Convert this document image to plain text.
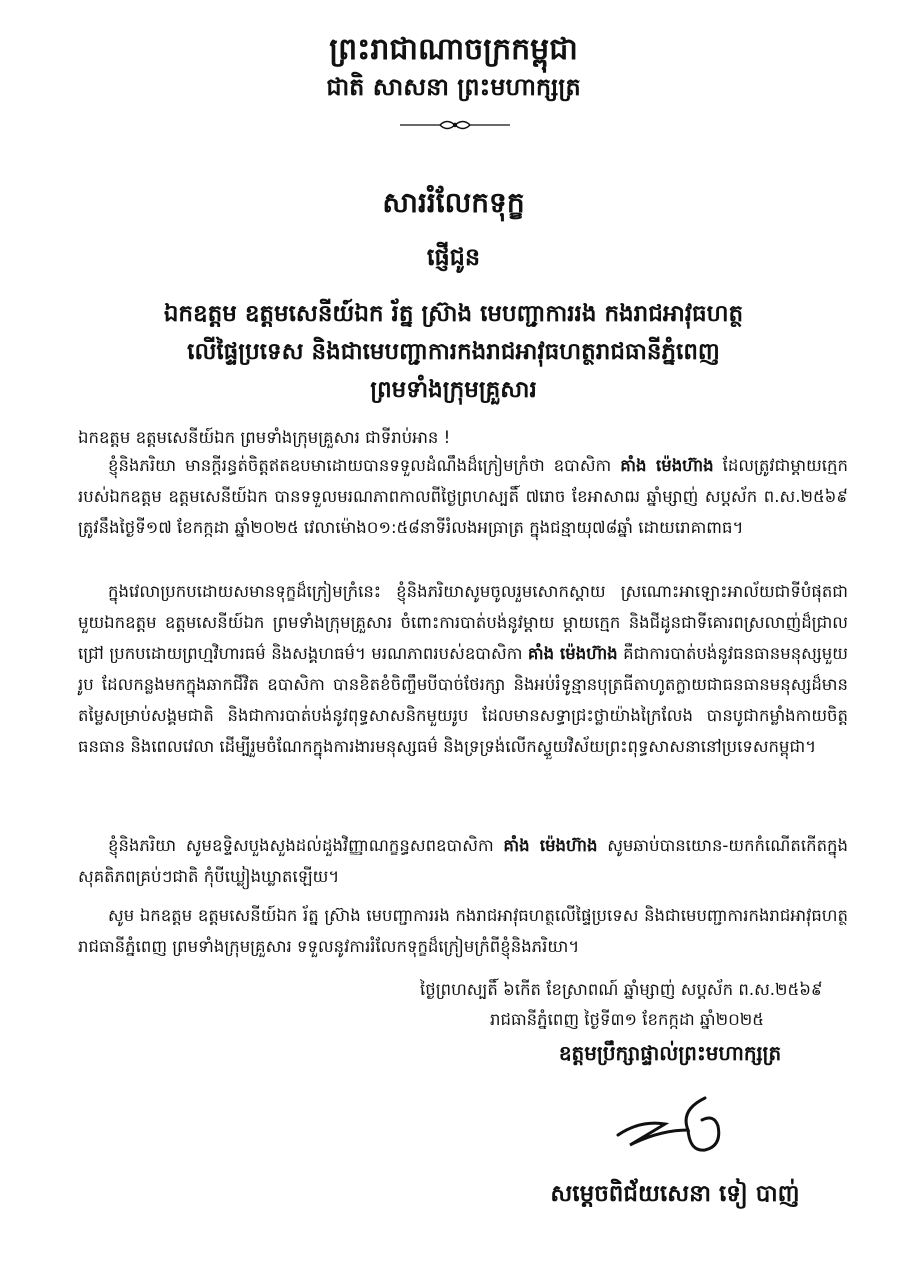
ព្រះរាជាណាចក្រកម្ពុជា
ជាតិ សាសនា ព្រះមហាក្សត្រ
សាររំលែកទុក្ខ
ផ្ញើជូន
ឯកឧត្តម ឧត្តមសេនីយ៍ឯក រ័ត្ន ស្រ៊ាង មេបញ្ជាការរង កងរាជអាវុធហត្ថ
លើផ្ទៃប្រទេស និងជាមេបញ្ជាការកងរាជអាវុធហត្ថរាជធានីភ្នំពេញ
ព្រមទាំងក្រុមគ្រួសារ
ឯកឧត្តម ឧត្តមសេនីយ៍ឯក ព្រមទាំងក្រុមគ្រួសារ ជាទីរាប់អាន !
ខ្ញុំនិងភរិយា មានក្តីរន្ធត់ចិត្តឥតឧបមាដោយបានទទួលដំណឹងដ៏ក្រៀមក្រំថា ឧបាសិកា គាំង ម៉េងហ៊ាង ដែលត្រូវជាម្តាយក្មេករបស់ឯកឧត្តម ឧត្តមសេនីយ៍ឯក បានទទួលមរណភាពកាលពីថ្ងៃព្រហស្បតិ៍ ៧រោច ខែអាសាឍ ឆ្នាំម្សាញ់ សប្តស័ក ព.ស.២៥៦៩ ត្រូវនឹងថ្ងៃទី១៧ ខែកក្កដា ឆ្នាំ២០២៥ វេលាម៉ោង០១:៥៨នាទីរំលងអធ្រាត្រ ក្នុងជន្មាយុ៧៨ឆ្នាំ ដោយរោគាពាធ។
ក្នុងវេលាប្រកបដោយសមានទុក្ខដ៏ក្រៀមក្រំនេះ ខ្ញុំនិងភរិយាសូមចូលរួមសោកស្តាយ ស្រណោះអាឡោះអាល័យជាទីបំផុតជាមួយឯកឧត្តម ឧត្តមសេនីយ៍ឯក ព្រមទាំងក្រុមគ្រួសារ ចំពោះការបាត់បង់នូវម្តាយ ម្តាយក្មេក និងជីដូនជាទីគោរពស្រលាញ់ដ៏ជ្រាលជ្រៅ ប្រកបដោយព្រហ្មវិហារធម៌ និងសង្គហធម៌។ មរណភាពរបស់ឧបាសិកា គាំង ម៉េងហ៊ាង គឺជាការបាត់បង់នូវធនធានមនុស្សមួយរូប ដែលកន្លងមកក្នុងឆាកជីវិត ឧបាសិកា បានខិតខំចិញ្ចឹមបីបាច់ថែរក្សា និងអប់រំទូន្មានបុត្រធីតាហូតក្លាយជាធនធានមនុស្សដ៏មានតម្លៃសម្រាប់សង្គមជាតិ និងជាការបាត់បង់នូវពុទ្ធសាសនិកមួយរូប ដែលមានសទ្ធាជ្រះថ្លាយ៉ាងក្រៃលែង បានបូជាកម្លាំងកាយចិត្ត ធនធាន និងពេលវេលា ដើម្បីរួមចំណែកក្នុងការងារមនុស្សធម៌ និងទ្រទ្រង់លើកស្ទួយវិស័យព្រះពុទ្ធសាសនានៅប្រទេសកម្ពុជា។
ខ្ញុំនិងភរិយា សូមឧទ្ទិសបួងសួងដល់ដួងវិញ្ញាណក្ខន្ធសពឧបាសិកា គាំង ម៉េងហ៊ាង សូមឆាប់បានយោន-យកកំណើតកើតក្នុងសុគតិភពគ្រប់ៗជាតិ កុំបីឃ្លៀងឃ្លាតឡើយ។
សូម ឯកឧត្តម ឧត្តមសេនីយ៍ឯក រ័ត្ន ស្រ៊ាង មេបញ្ជាការរង កងរាជអាវុធហត្ថលើផ្ទៃប្រទេស និងជាមេបញ្ជាការកងរាជអាវុធហត្ថរាជធានីភ្នំពេញ ព្រមទាំងក្រុមគ្រួសារ ទទួលនូវការរំលែកទុក្ខដ៏ក្រៀមក្រំពីខ្ញុំនិងភរិយា។
ថ្ងៃព្រហស្បតិ៍ ៦កើត ខែស្រាពណ៍ ឆ្នាំម្សាញ់ សប្តស័ក ព.ស.២៥៦៩
រាជធានីភ្នំពេញ ថ្ងៃទី៣១ ខែកក្កដា ឆ្នាំ២០២៥
ឧត្តមប្រឹក្សាផ្ទាល់ព្រះមហាក្សត្រ
សម្តេចពិជ័យសេនា ទៀ បាញ់
